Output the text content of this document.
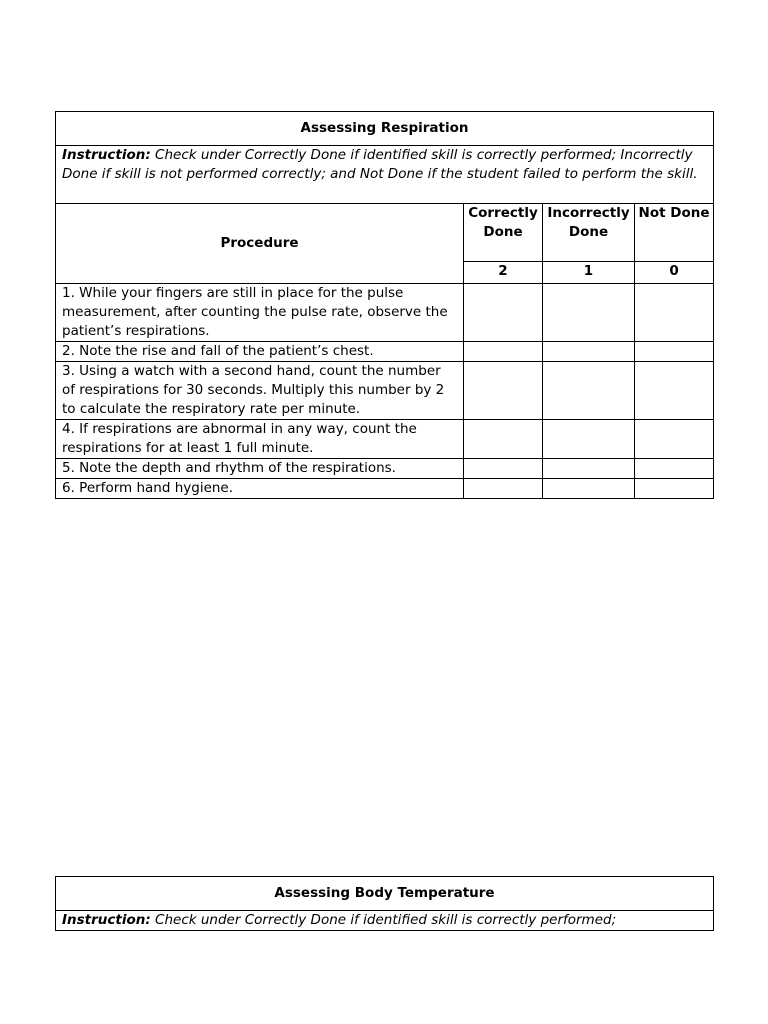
Assessing Respiration			
Instruction: Check under Correctly Done if identified skill is correctly performed; Incorrectly Done if skill is not performed correctly; and Not Done if the student failed to perform the skill.			
Procedure	Correctly Done	Incorrectly Done	Not Done
	2	1	0
1. While your fingers are still in place for the pulse measurement, after counting the pulse rate, observe the patient’s respirations.			
2. Note the rise and fall of the patient’s chest.			
3. Using a watch with a second hand, count the number of respirations for 30 seconds. Multiply this number by 2 to calculate the respiratory rate per minute.			
4. If respirations are abnormal in any way, count the respirations for at least 1 full minute.			
5. Note the depth and rhythm of the respirations.			
6. Perform hand hygiene.			
Assessing Body Temperature
Instruction: Check under Correctly Done if identified skill is correctly performed;
